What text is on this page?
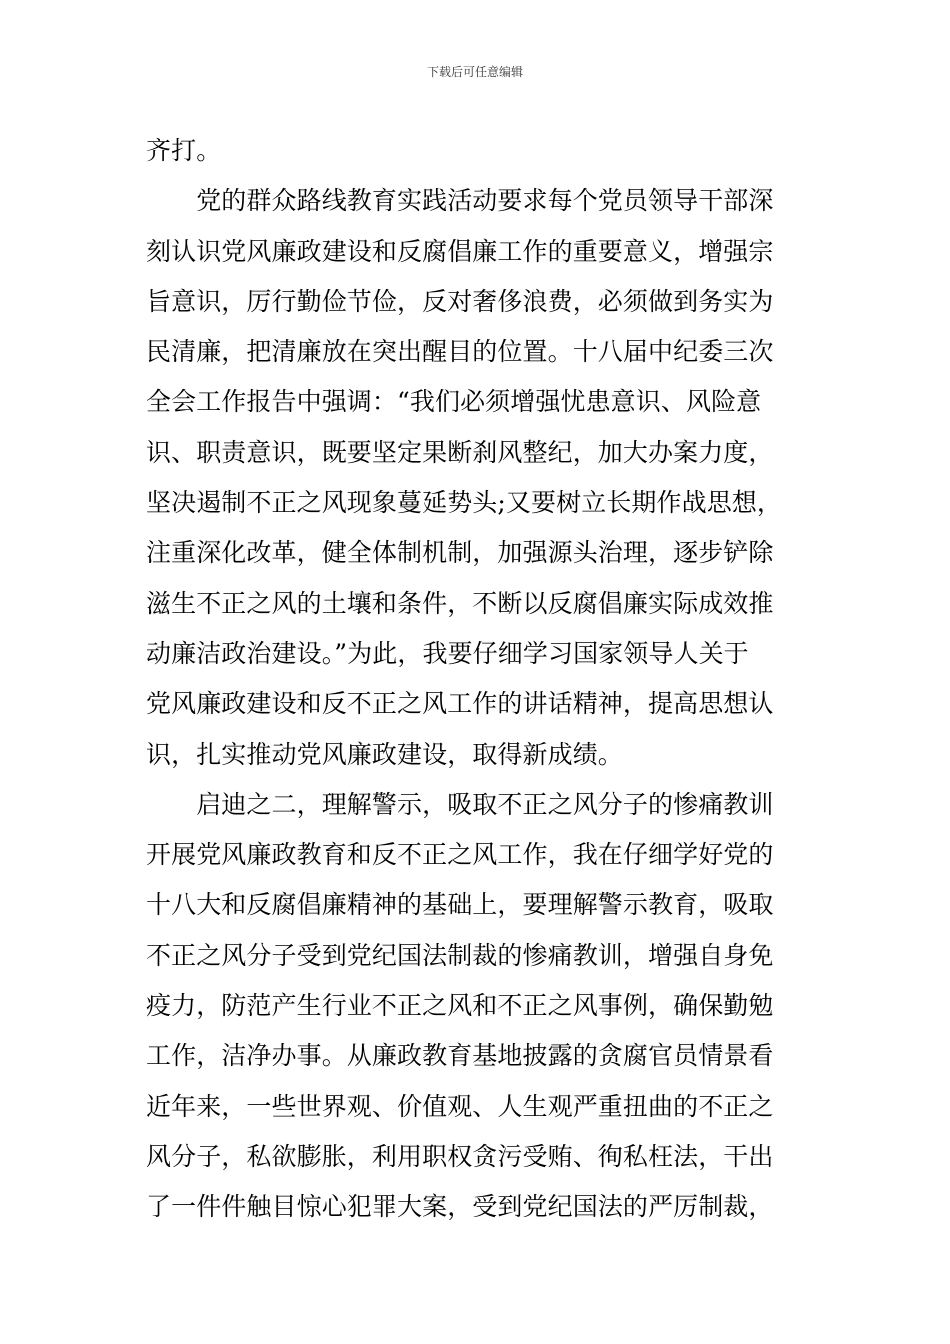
下载后可任意编辑
齐打。
　　党的群众路线教育实践活动要求每个党员领导干部深
刻认识党风廉政建设和反腐倡廉工作的重要意义，增强宗
旨意识，厉行勤俭节俭，反对奢侈浪费，必须做到务实为
民清廉，把清廉放在突出醒目的位置。十八届中纪委三次
全会工作报告中强调：“我们必须增强忧患意识、风险意
识、职责意识，既要坚定果断刹风整纪，加大办案力度，
坚决遏制不正之风现象蔓延势头;又要树立长期作战思想，
注重深化改革，健全体制机制，加强源头治理，逐步铲除
滋生不正之风的土壤和条件，不断以反腐倡廉实际成效推
动廉洁政治建设。”为此，我要仔细学习国家领导人关于
党风廉政建设和反不正之风工作的讲话精神，提高思想认
识，扎实推动党风廉政建设，取得新成绩。
　　启迪之二，理解警示，吸取不正之风分子的惨痛教训
开展党风廉政教育和反不正之风工作，我在仔细学好党的
十八大和反腐倡廉精神的基础上，要理解警示教育，吸取
不正之风分子受到党纪国法制裁的惨痛教训，增强自身免
疫力，防范产生行业不正之风和不正之风事例，确保勤勉
工作，洁净办事。从廉政教育基地披露的贪腐官员情景看
近年来，一些世界观、价值观、人生观严重扭曲的不正之
风分子，私欲膨胀，利用职权贪污受贿、徇私枉法，干出
了一件件触目惊心犯罪大案，受到党纪国法的严厉制裁，
